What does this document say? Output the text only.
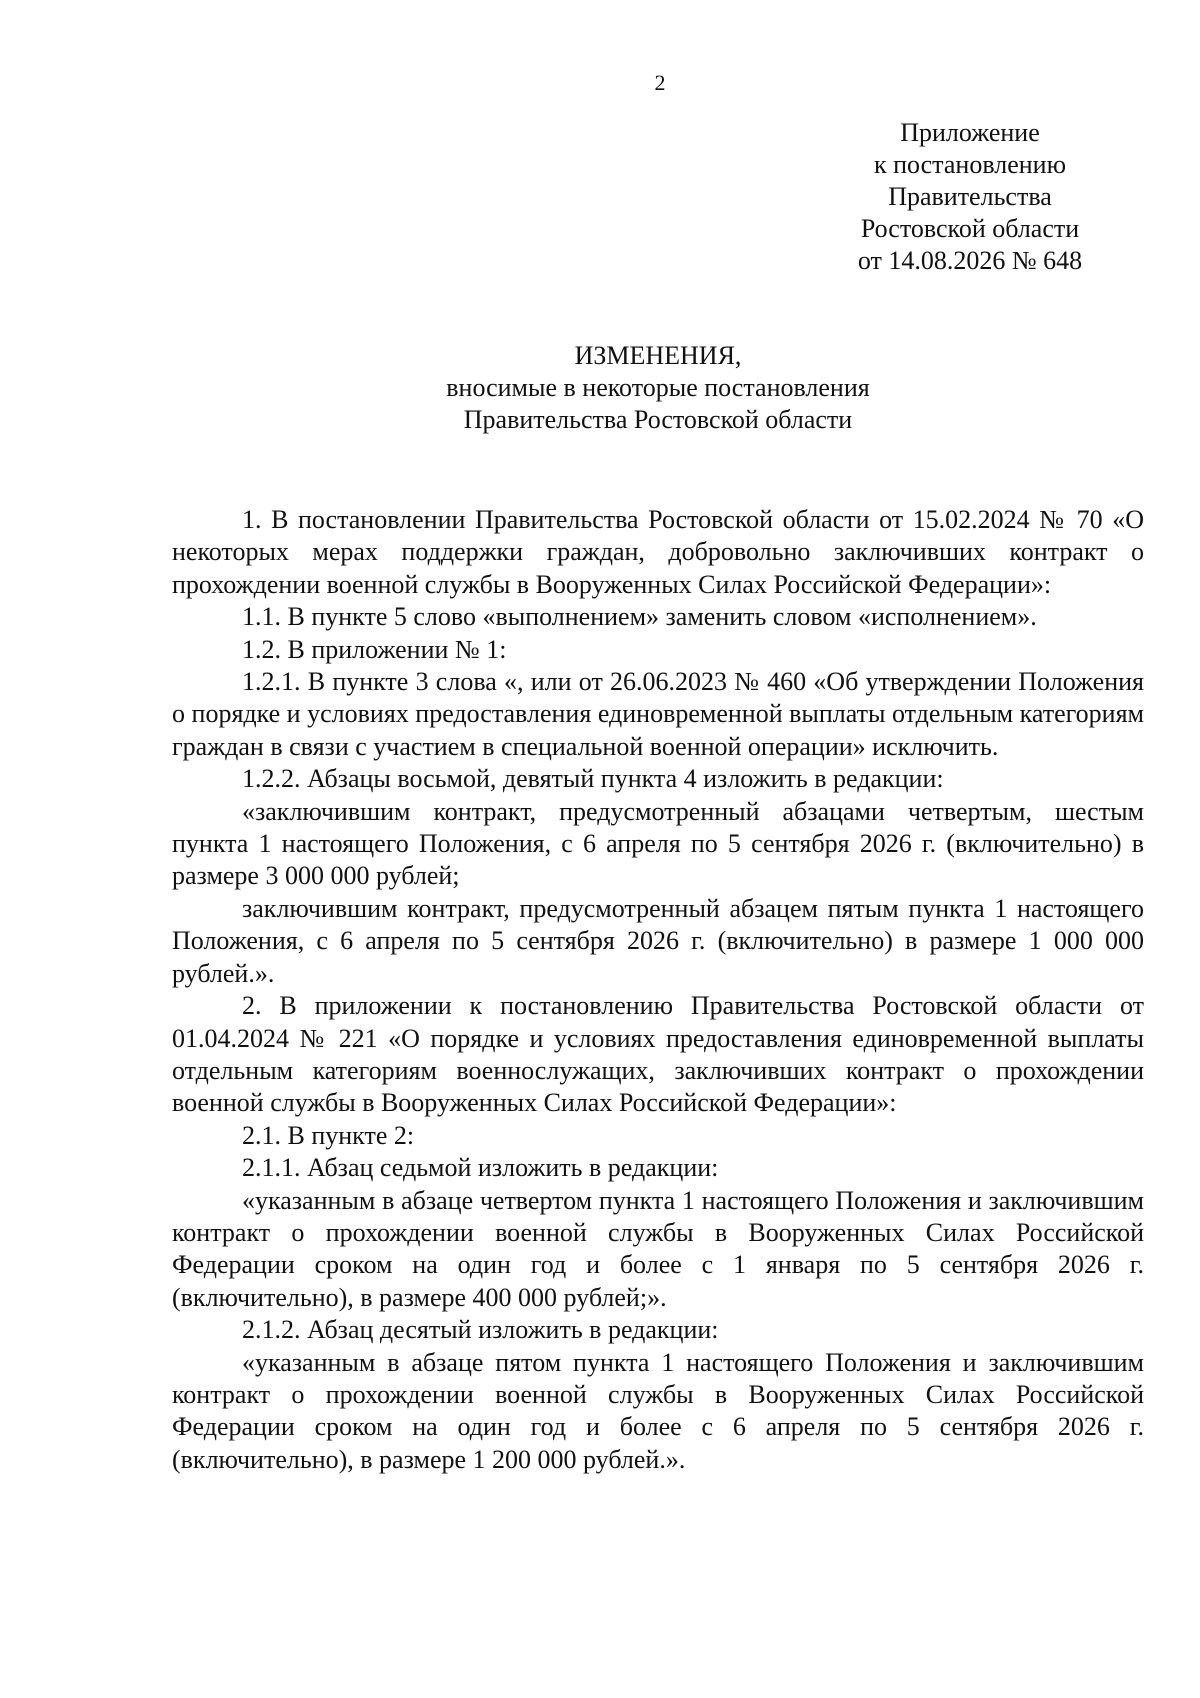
2
Приложение
к постановлению
Правительства
Ростовской области
от 14.08.2026 № 648
ИЗМЕНЕНИЯ,
вносимые в некоторые постановления
Правительства Ростовской области

1. В постановлении Правительства Ростовской области от 15.02.2024 № 70 «О некоторых мерах поддержки граждан, добровольно заключивших контракт о прохождении военной службы в Вооруженных Силах Российской Федерации»:

1.1. В пункте 5 слово «выполнением» заменить словом «исполнением».

1.2. В приложении № 1:

1.2.1. В пункте 3 слова «, или от 26.06.2023 № 460 «Об утверждении Положения о порядке и условиях предоставления единовременной выплаты отдельным категориям граждан в связи с участием в специальной военной операции» исключить.

1.2.2. Абзацы восьмой, девятый пункта 4 изложить в редакции:

«заключившим контракт, предусмотренный абзацами четвертым, шестым пункта 1 настоящего Положения, с 6 апреля по 5 сентября 2026 г. (включительно) в размере 3 000 000 рублей;

заключившим контракт, предусмотренный абзацем пятым пункта 1 настоящего Положения, с 6 апреля по 5 сентября 2026 г. (включительно) в размере 1 000 000 рублей.».

2. В приложении к постановлению Правительства Ростовской области от 01.04.2024 № 221 «О порядке и условиях предоставления единовременной выплаты отдельным категориям военнослужащих, заключивших контракт о прохождении военной службы в Вооруженных Силах Российской Федерации»:

2.1. В пункте 2:

2.1.1. Абзац седьмой изложить в редакции:

«указанным в абзаце четвертом пункта 1 настоящего Положения и заключившим контракт о прохождении военной службы в Вооруженных Силах Российской Федерации сроком на один год и более с 1 января по 5 сентября 2026 г. (включительно), в размере 400 000 рублей;».

2.1.2. Абзац десятый изложить в редакции:

«указанным в абзаце пятом пункта 1 настоящего Положения и заключившим контракт о прохождении военной службы в Вооруженных Силах Российской Федерации сроком на один год и более с 6 апреля по 5 сентября 2026 г. (включительно), в размере 1 200 000 рублей.».
